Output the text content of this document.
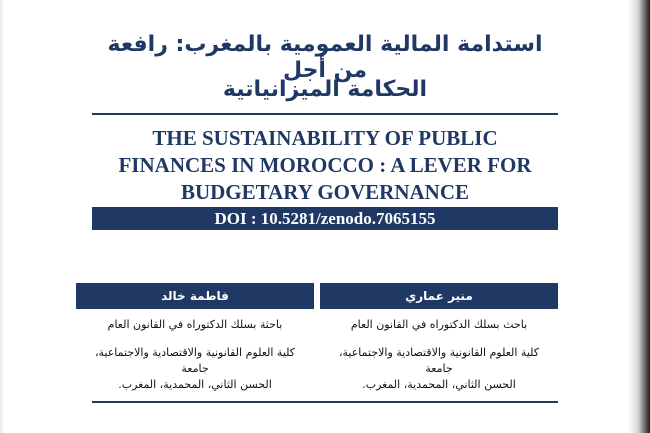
استدامة المالية العمومية بالمغرب: رافعة من أجل

الحكامة الميزانياتية

THE SUSTAINABILITY OF PUBLIC
FINANCES IN MOROCCO : A LEVER FOR
BUDGETARY GOVERNANCE
DOI : 10.5281/zenodo.7065155
فاطمة خالد	منير عماري

باحثة بسلك الدكتوراه في القانون العام	باحث بسلك الدكتوراه في القانون العام

كلية العلوم القانونية والاقتصادية والاجتماعية، جامعة
الحسن الثاني، المحمدية، المغرب.
كلية العلوم القانونية والاقتصادية والاجتماعية، جامعة
الحسن الثاني، المحمدية، المغرب.
